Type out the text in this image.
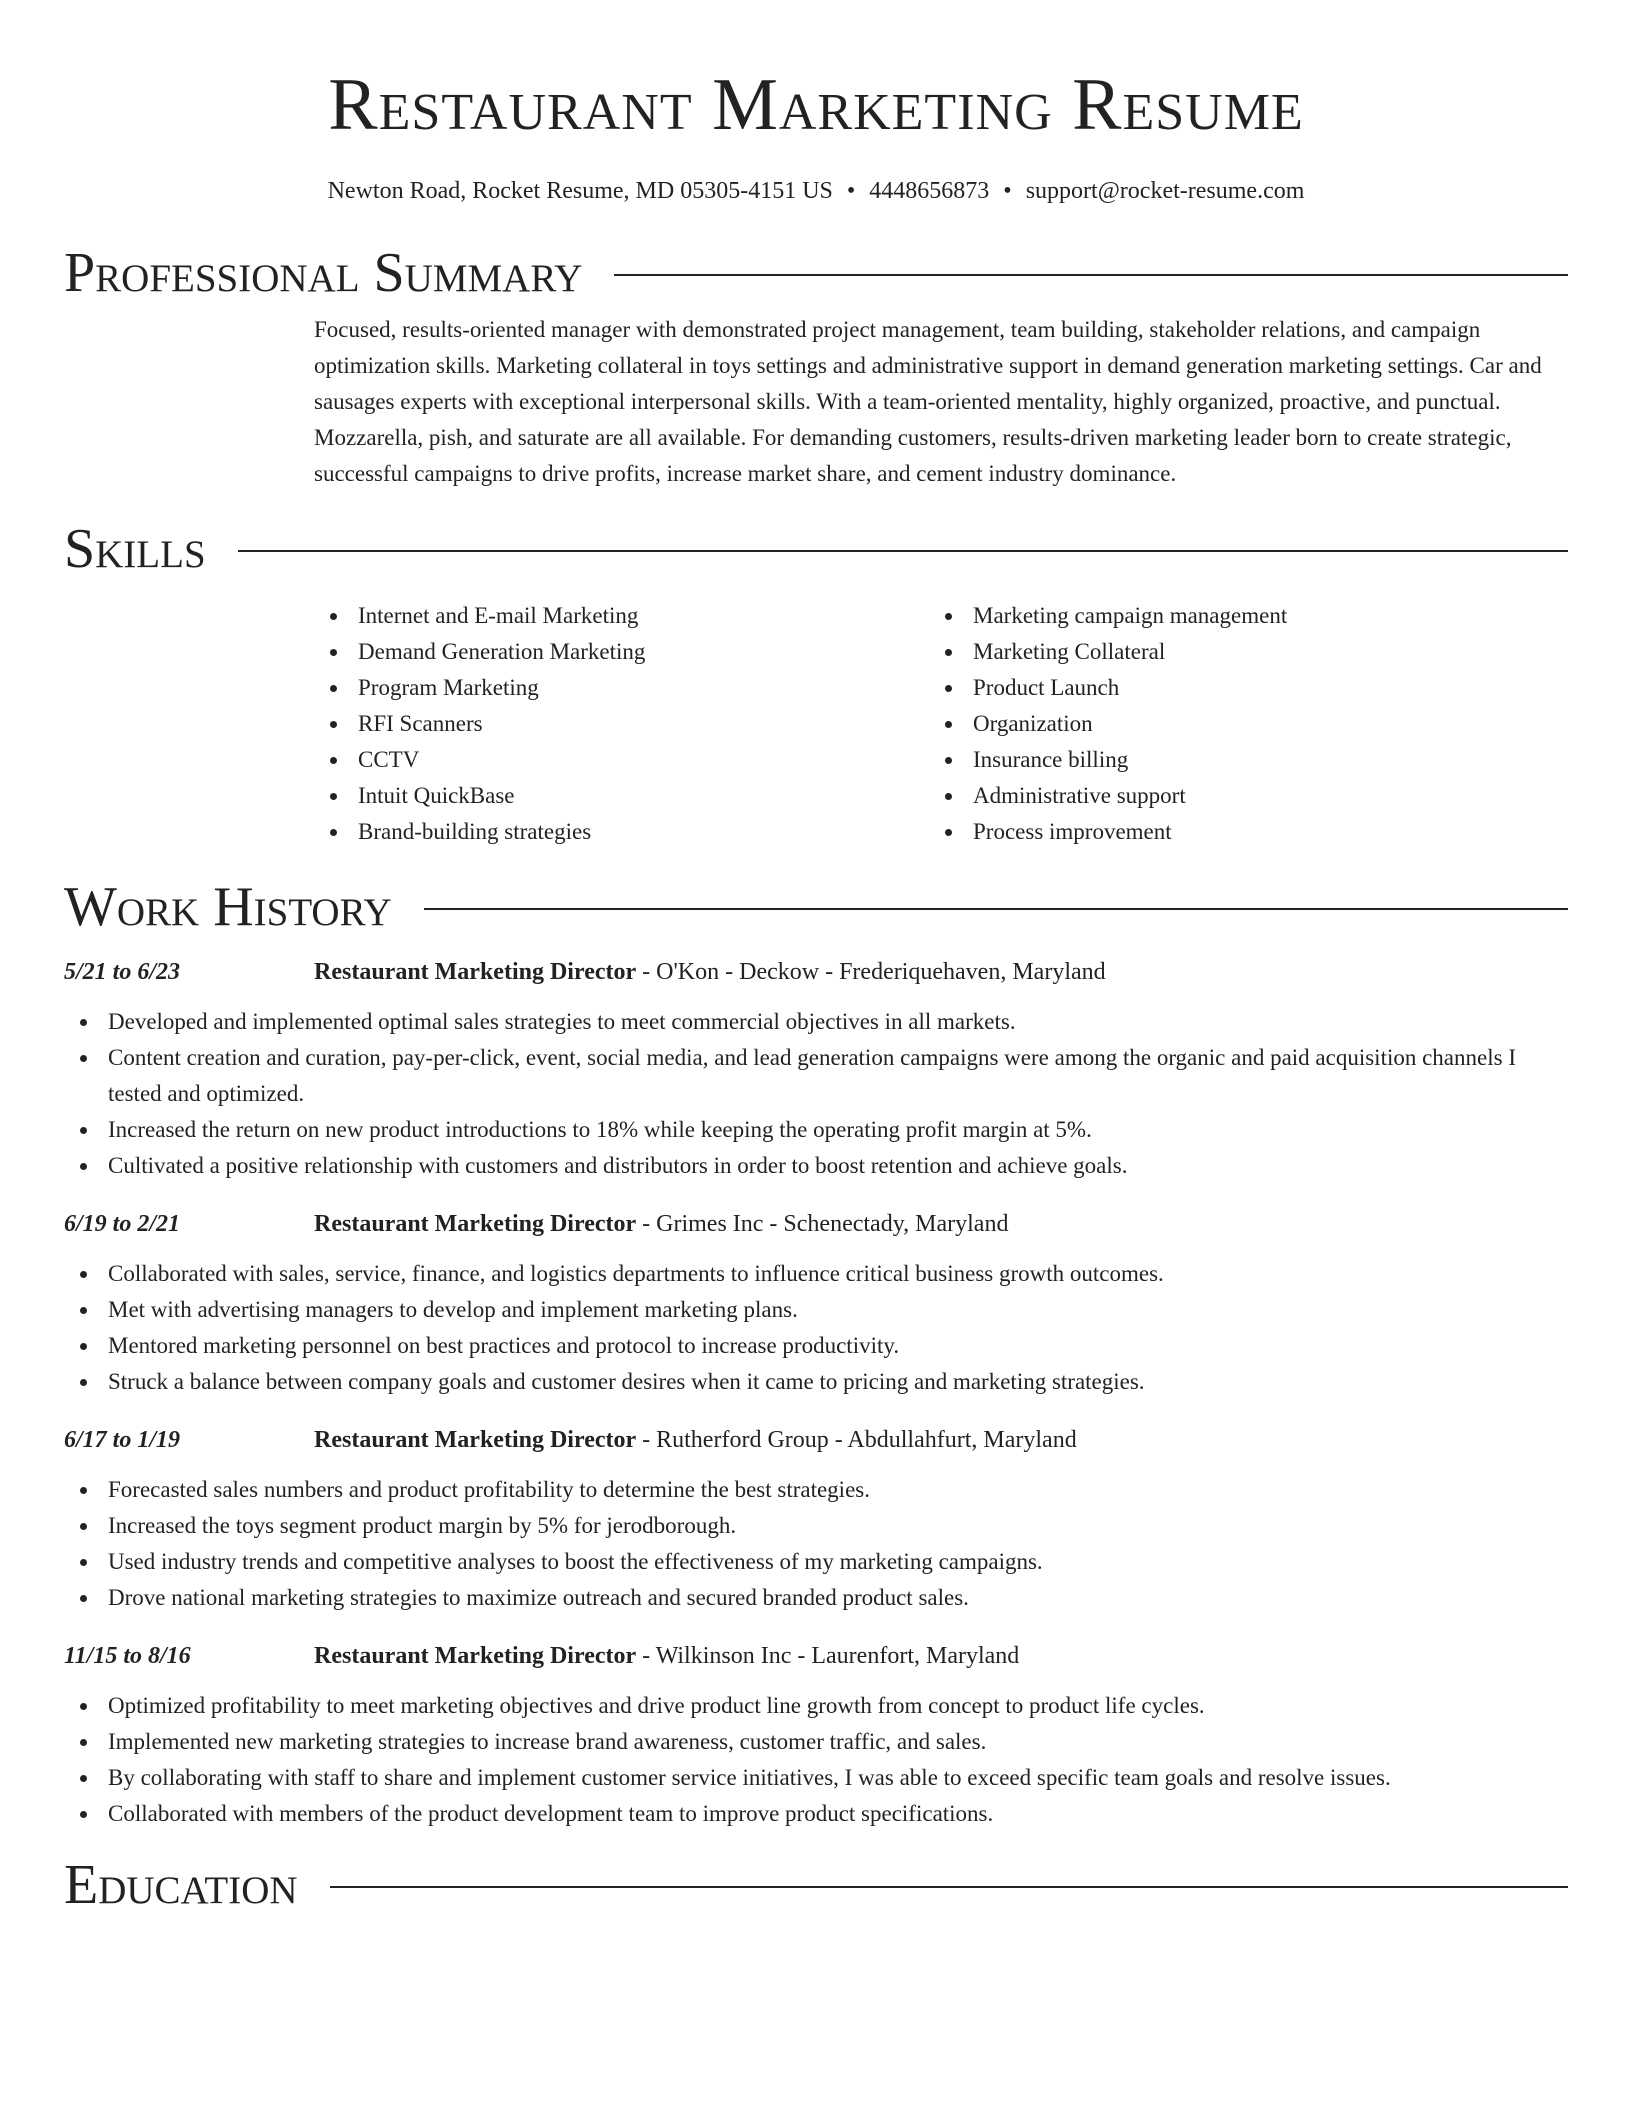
Restaurant Marketing Resume
Newton Road, Rocket Resume, MD 05305-4151 US • 4448656873 • support@rocket-resume.com
Professional Summary
Focused, results-oriented manager with demonstrated project management, team building, stakeholder relations, and campaign optimization skills. Marketing collateral in toys settings and administrative support in demand generation marketing settings. Car and sausages experts with exceptional interpersonal skills. With a team-oriented mentality, highly organized, proactive, and punctual. Mozzarella, pish, and saturate are all available. For demanding customers, results-driven marketing leader born to create strategic, successful campaigns to drive profits, increase market share, and cement industry dominance.
Skills
Internet and E-mail Marketing
Demand Generation Marketing
Program Marketing
RFI Scanners
CCTV
Intuit QuickBase
Brand-building strategies
Marketing campaign management
Marketing Collateral
Product Launch
Organization
Insurance billing
Administrative support
Process improvement
Work History
5/21 to 6/23	Restaurant Marketing Director - O'Kon - Deckow - Frederiquehaven, Maryland
Developed and implemented optimal sales strategies to meet commercial objectives in all markets.
Content creation and curation, pay-per-click, event, social media, and lead generation campaigns were among the organic and paid acquisition channels I tested and optimized.
Increased the return on new product introductions to 18% while keeping the operating profit margin at 5%.
Cultivated a positive relationship with customers and distributors in order to boost retention and achieve goals.
6/19 to 2/21	Restaurant Marketing Director - Grimes Inc - Schenectady, Maryland
Collaborated with sales, service, finance, and logistics departments to influence critical business growth outcomes.
Met with advertising managers to develop and implement marketing plans.
Mentored marketing personnel on best practices and protocol to increase productivity.
Struck a balance between company goals and customer desires when it came to pricing and marketing strategies.
6/17 to 1/19	Restaurant Marketing Director - Rutherford Group - Abdullahfurt, Maryland
Forecasted sales numbers and product profitability to determine the best strategies.
Increased the toys segment product margin by 5% for jerodborough.
Used industry trends and competitive analyses to boost the effectiveness of my marketing campaigns.
Drove national marketing strategies to maximize outreach and secured branded product sales.
11/15 to 8/16	Restaurant Marketing Director - Wilkinson Inc - Laurenfort, Maryland
Optimized profitability to meet marketing objectives and drive product line growth from concept to product life cycles.
Implemented new marketing strategies to increase brand awareness, customer traffic, and sales.
By collaborating with staff to share and implement customer service initiatives, I was able to exceed specific team goals and resolve issues.
Collaborated with members of the product development team to improve product specifications.
Education
